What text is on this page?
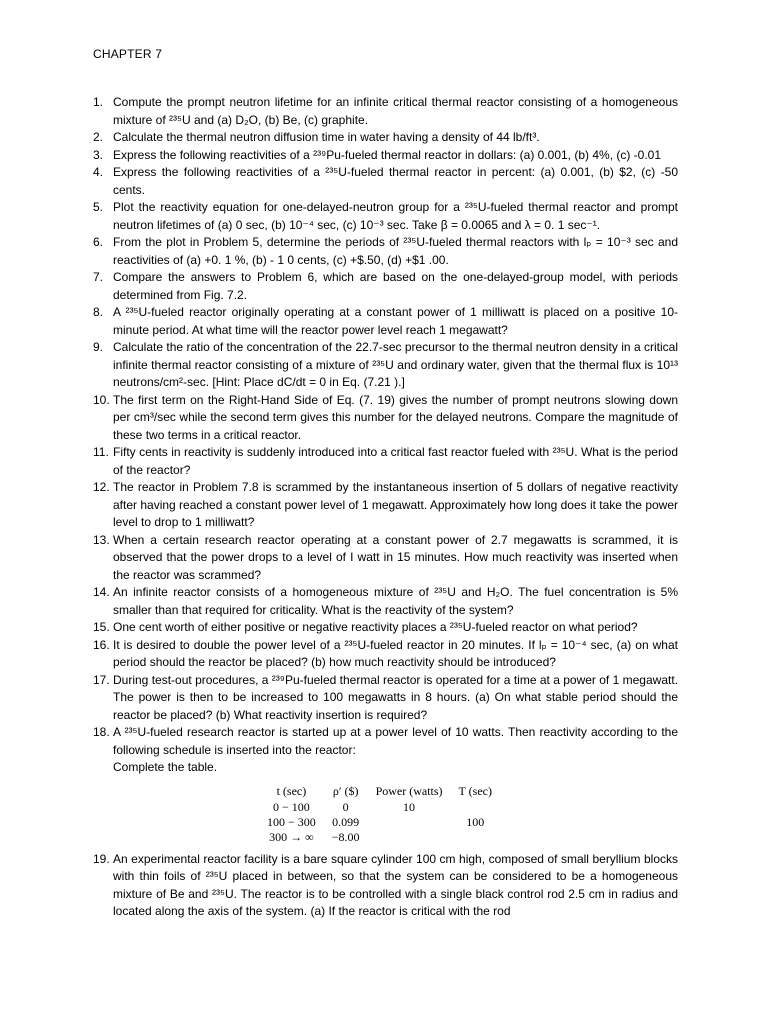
CHAPTER 7
1. Compute the prompt neutron lifetime for an infinite critical thermal reactor consisting of a homogeneous mixture of ²³⁵U and (a) D₂O, (b) Be, (c) graphite.
2. Calculate the thermal neutron diffusion time in water having a density of 44 lb/ft³.
3. Express the following reactivities of a ²³⁹Pu-fueled thermal reactor in dollars: (a) 0.001, (b) 4%, (c) -0.01
4. Express the following reactivities of a ²³⁵U-fueled thermal reactor in percent: (a) 0.001, (b) $2, (c) -50 cents.
5. Plot the reactivity equation for one-delayed-neutron group for a ²³⁵U-fueled thermal reactor and prompt neutron lifetimes of (a) 0 sec, (b) 10⁻⁴ sec, (c) 10⁻³ sec. Take β = 0.0065 and λ = 0. 1 sec⁻¹.
6. From the plot in Problem 5, determine the periods of ²³⁵U-fueled thermal reactors with lₚ = 10⁻³ sec and reactivities of (a) +0. 1 %, (b) - 1 0 cents, (c) +$.50, (d) +$1 .00.
7. Compare the answers to Problem 6, which are based on the one-delayed-group model, with periods determined from Fig. 7.2.
8. A ²³⁵U-fueled reactor originally operating at a constant power of 1 milliwatt is placed on a positive 10-minute period. At what time will the reactor power level reach 1 megawatt?
9. Calculate the ratio of the concentration of the 22.7-sec precursor to the thermal neutron density in a critical infinite thermal reactor consisting of a mixture of ²³⁵U and ordinary water, given that the thermal flux is 10¹³ neutrons/cm²-sec. [Hint: Place dC/dt = 0 in Eq. (7.21 ).]
10. The first term on the Right-Hand Side of Eq. (7. 19) gives the number of prompt neutrons slowing down per cm³/sec while the second term gives this number for the delayed neutrons. Compare the magnitude of these two terms in a critical reactor.
11. Fifty cents in reactivity is suddenly introduced into a critical fast reactor fueled with ²³⁵U. What is the period of the reactor?
12. The reactor in Problem 7.8 is scrammed by the instantaneous insertion of 5 dollars of negative reactivity after having reached a constant power level of 1 megawatt. Approximately how long does it take the power level to drop to 1 milliwatt?
13. When a certain research reactor operating at a constant power of 2.7 megawatts is scrammed, it is observed that the power drops to a level of I watt in 15 minutes. How much reactivity was inserted when the reactor was scrammed?
14. An infinite reactor consists of a homogeneous mixture of ²³⁵U and H₂O. The fuel concentration is 5% smaller than that required for criticality. What is the reactivity of the system?
15. One cent worth of either positive or negative reactivity places a ²³⁵U-fueled reactor on what period?
16. It is desired to double the power level of a ²³⁵U-fueled reactor in 20 minutes. If lₚ = 10⁻⁴ sec, (a) on what period should the reactor be placed? (b) how much reactivity should be introduced?
17. During test-out procedures, a ²³⁹Pu-fueled thermal reactor is operated for a time at a power of 1 megawatt. The power is then to be increased to 100 megawatts in 8 hours. (a) On what stable period should the reactor be placed? (b) What reactivity insertion is required?
18. A ²³⁵U-fueled research reactor is started up at a power level of 10 watts. Then reactivity according to the following schedule is inserted into the reactor:
Complete the table.
t (sec)	ρ′ ($)	Power (watts)	T (sec)
0 − 100	0	10	
100 − 300	0.099		100
300 → ∞	−8.00		
19. An experimental reactor facility is a bare square cylinder 100 cm high, composed of small beryllium blocks with thin foils of ²³⁵U placed in between, so that the system can be considered to be a homogeneous mixture of Be and ²³⁵U. The reactor is to be controlled with a single black control rod 2.5 cm in radius and located along the axis of the system. (a) If the reactor is critical with the rod
